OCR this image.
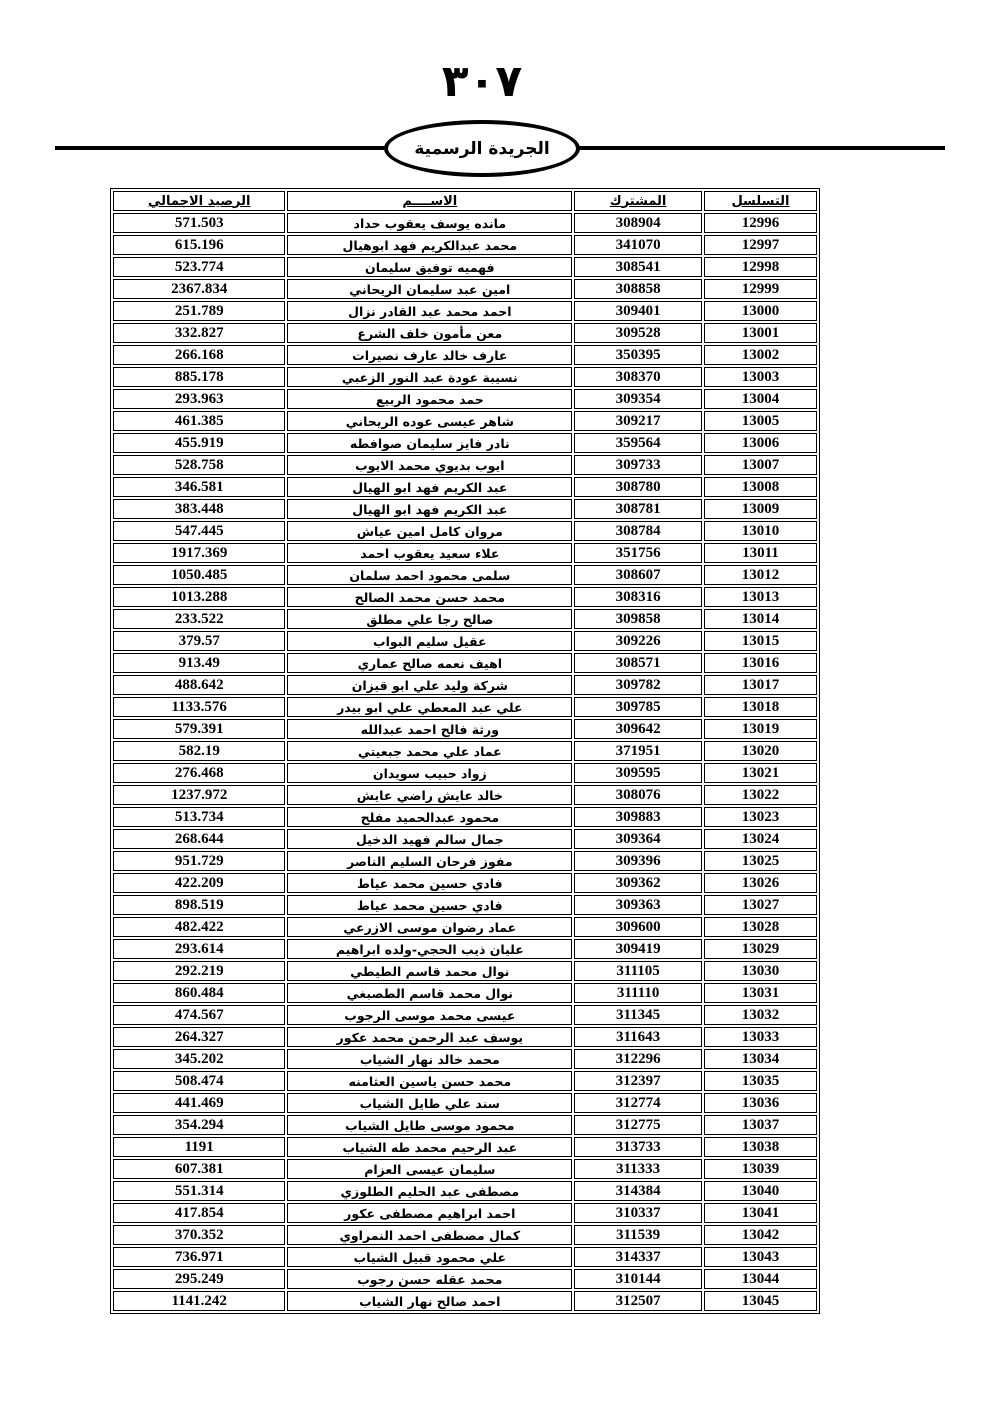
٣٠٧
الجريدة الرسمية
التسلسل	المشترك	الاســــم	الرصيد الاجمالي
12996	308904	مانده يوسف يعقوب حداد	571.503
12997	341070	محمد عبدالكريم فهد ابوهيال	615.196
12998	308541	فهميه توفيق سليمان	523.774
12999	308858	امين عبد سليمان الريحاني	2367.834
13000	309401	احمد محمد عبد القادر نزال	251.789
13001	309528	معن مأمون خلف الشرع	332.827
13002	350395	عارف خالد عارف نصيرات	266.168
13003	308370	نسيبة عودة عبد النور الزعبي	885.178
13004	309354	حمد محمود الربيع	293.963
13005	309217	شاهر عيسى عوده الريحاني	461.385
13006	359564	نادر فايز سليمان صوافطه	455.919
13007	309733	ايوب بديوي محمد الايوب	528.758
13008	308780	عبد الكريم فهد ابو الهيال	346.581
13009	308781	عبد الكريم فهد ابو الهيال	383.448
13010	308784	مروان كامل امين عياش	547.445
13011	351756	علاء سعيد يعقوب احمد	1917.369
13012	308607	سلمى محمود احمد سلمان	1050.485
13013	308316	محمد حسن محمد الصالح	1013.288
13014	309858	صالح رجا علي مطلق	233.522
13015	309226	عقيل سليم البواب	379.57
13016	308571	اهيف نعمه صالح عماري	913.49
13017	309782	شركة وليد علي ابو قيزان	488.642
13018	309785	علي عبد المعطي علي ابو بيدر	1133.576
13019	309642	ورثة فالح احمد عبدالله	579.391
13020	371951	عماد علي محمد جبعيتي	582.19
13021	309595	زواد حبيب سويدان	276.468
13022	308076	خالد عايش راضي عايش	1237.972
13023	309883	محمود عبدالحميد مفلح	513.734
13024	309364	جمال سالم فهيد الدخيل	268.644
13025	309396	مفوز فرحان السليم الناصر	951.729
13026	309362	فادي حسين محمد عياط	422.209
13027	309363	فادي حسين محمد عياط	898.519
13028	309600	عماد رضوان موسى الازرعي	482.422
13029	309419	عليان ذيب الحجي-ولده ابراهيم	293.614
13030	311105	نوال محمد قاسم الطيطي	292.219
13031	311110	نوال محمد قاسم الطصبغي	860.484
13032	311345	عيسى محمد موسى الرجوب	474.567
13033	311643	يوسف عبد الرحمن محمد عكور	264.327
13034	312296	محمد خالد نهار الشياب	345.202
13035	312397	محمد حسن ياسين العثامنه	508.474
13036	312774	سند علي طايل الشياب	441.469
13037	312775	محمود موسى طايل الشياب	354.294
13038	313733	عبد الرحيم محمد طه الشياب	1191
13039	311333	سليمان عيسى العزام	607.381
13040	314384	مصطفى عبد الحليم الطلوزي	551.314
13041	310337	احمد ابراهيم مصطفى عكور	417.854
13042	311539	كمال مصطفى احمد النمراوي	370.352
13043	314337	علي محمود قبيل الشياب	736.971
13044	310144	محمد عقله حسن رجوب	295.249
13045	312507	احمد صالح نهار الشياب	1141.242
